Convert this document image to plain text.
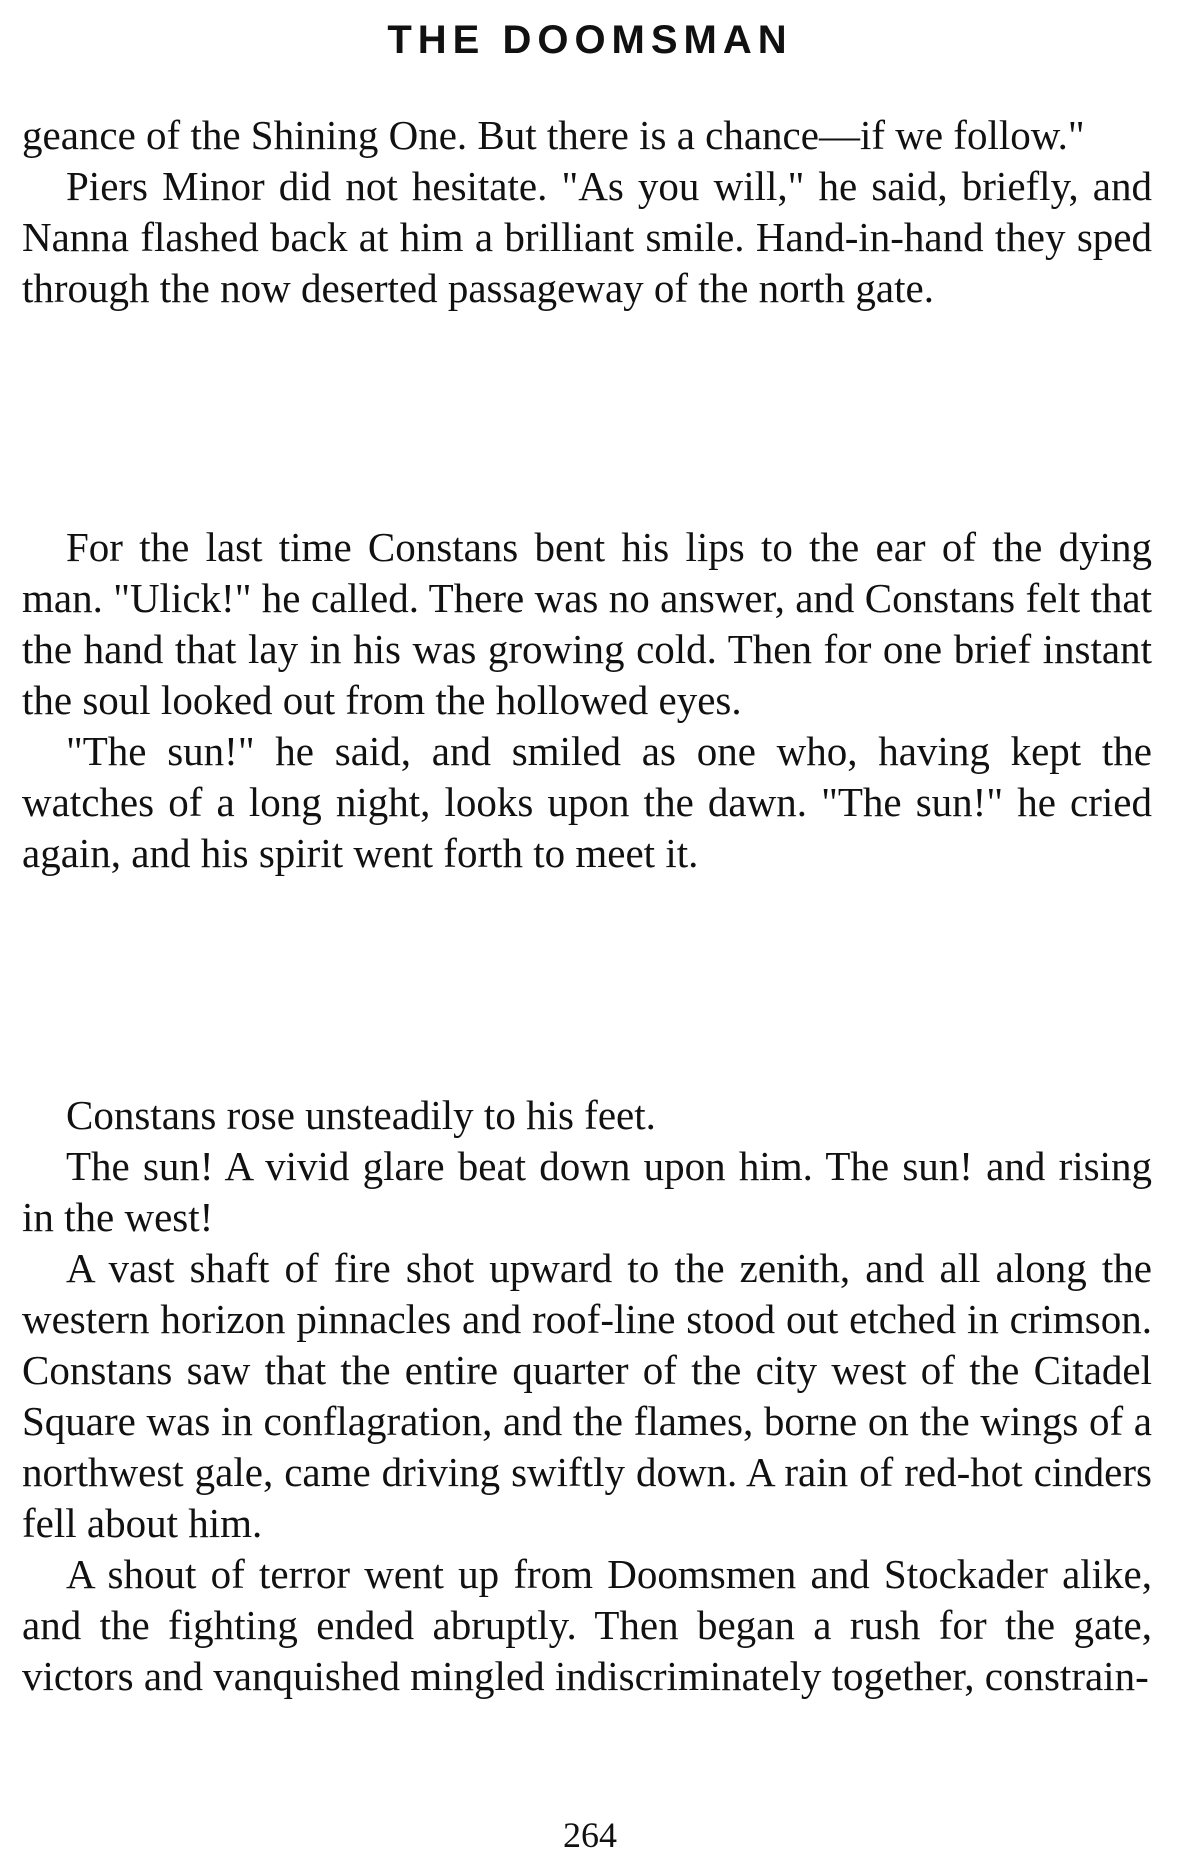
THE DOOMSMAN

geance of the Shining One. But there is a chance—if we follow."

Piers Minor did not hesitate. "As you will," he said, briefly, and Nanna flashed back at him a brilliant smile. Hand-in-hand they sped through the now deserted passageway of the north gate.

For the last time Constans bent his lips to the ear of the dying man. "Ulick!" he called. There was no answer, and Constans felt that the hand that lay in his was growing cold. Then for one brief instant the soul looked out from the hollowed eyes.

"The sun!" he said, and smiled as one who, having kept the watches of a long night, looks upon the dawn. "The sun!" he cried again, and his spirit went forth to meet it.

Constans rose unsteadily to his feet.

The sun! A vivid glare beat down upon him. The sun! and rising in the west!

A vast shaft of fire shot upward to the zenith, and all along the western horizon pinnacles and roof-line stood out etched in crimson. Constans saw that the entire quarter of the city west of the Citadel Square was in conflagration, and the flames, borne on the wings of a northwest gale, came driving swiftly down. A rain of red-hot cinders fell about him.

A shout of terror went up from Doomsmen and Stockader alike, and the fighting ended abruptly. Then began a rush for the gate, victors and vanquished mingled indiscriminately together, constrain-

264
